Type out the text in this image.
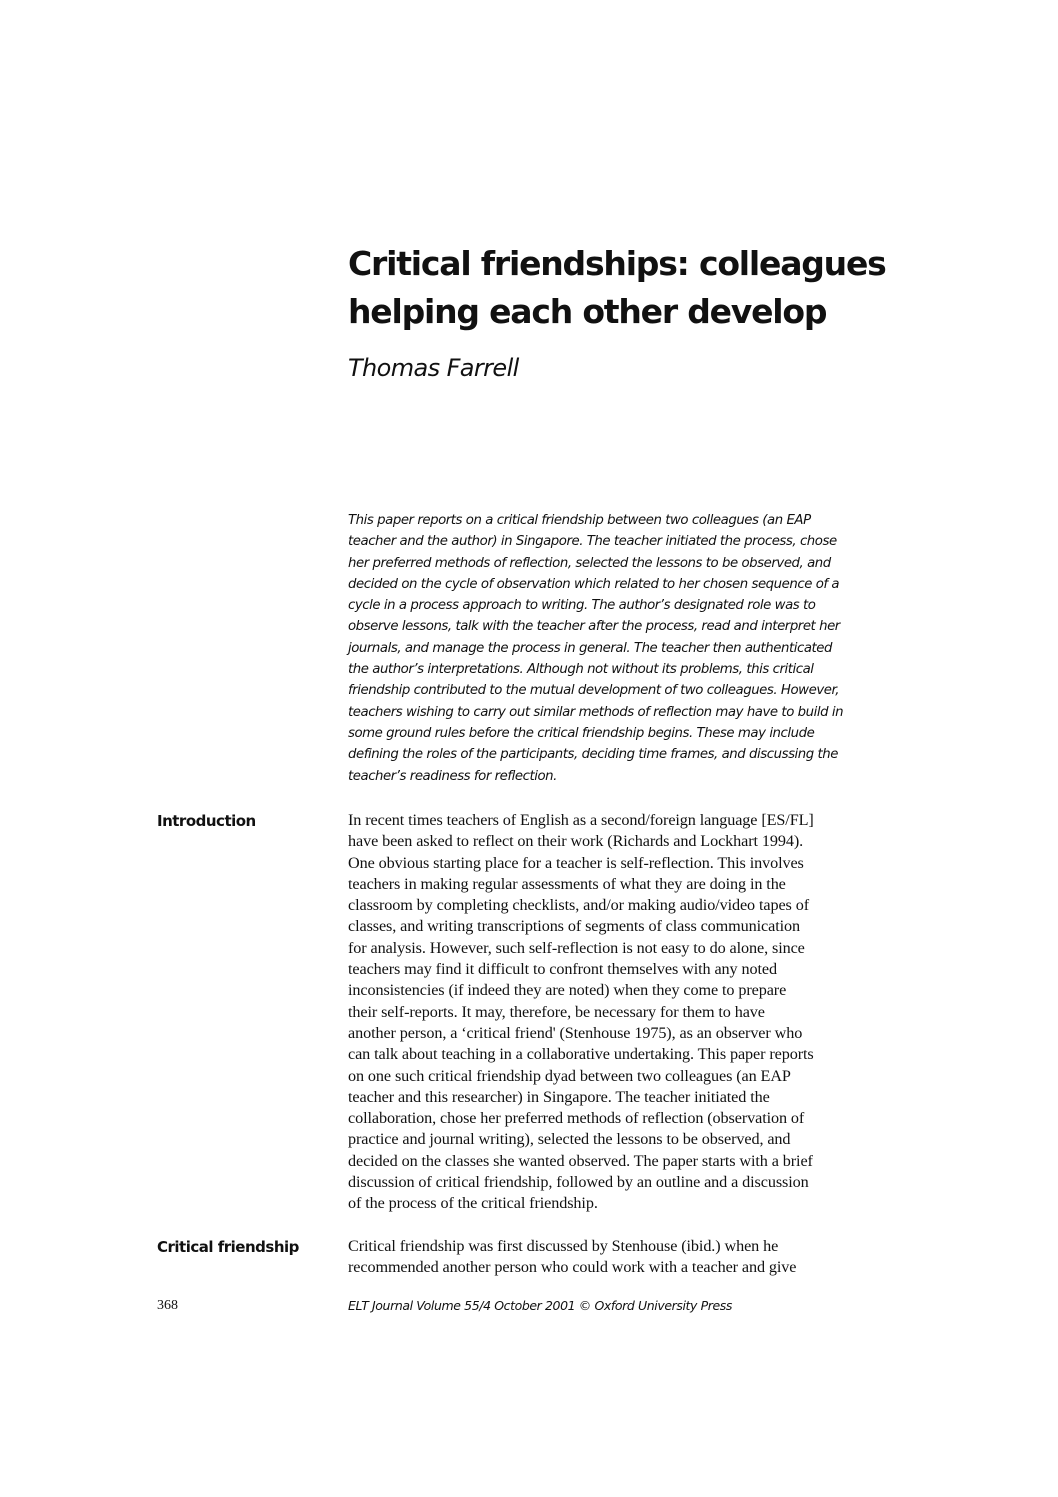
Critical friendships: colleagues
helping each other develop

Thomas Farrell

This paper reports on a critical friendship between two colleagues (an EAP
teacher and the author) in Singapore. The teacher initiated the process, chose
her preferred methods of reflection, selected the lessons to be observed, and
decided on the cycle of observation which related to her chosen sequence of a
cycle in a process approach to writing. The author’s designated role was to
observe lessons, talk with the teacher after the process, read and interpret her
journals, and manage the process in general. The teacher then authenticated
the author’s interpretations. Although not without its problems, this critical
friendship contributed to the mutual development of two colleagues. However,
teachers wishing to carry out similar methods of reflection may have to build in
some ground rules before the critical friendship begins. These may include
defining the roles of the participants, deciding time frames, and discussing the
teacher’s readiness for reflection.
Introduction	In recent times teachers of English as a second/foreign language [ES/FL]
have been asked to reflect on their work (Richards and Lockhart 1994).
One obvious starting place for a teacher is self-reflection. This involves
teachers in making regular assessments of what they are doing in the
classroom by completing checklists, and/or making audio/video tapes of
classes, and writing transcriptions of segments of class communication
for analysis. However, such self-reflection is not easy to do alone, since
teachers may find it difficult to confront themselves with any noted
inconsistencies (if indeed they are noted) when they come to prepare
their self-reports. It may, therefore, be necessary for them to have
another person, a ‘critical friend' (Stenhouse 1975), as an observer who
can talk about teaching in a collaborative undertaking. This paper reports
on one such critical friendship dyad between two colleagues (an EAP
teacher and this researcher) in Singapore. The teacher initiated the
collaboration, chose her preferred methods of reflection (observation of
practice and journal writing), selected the lessons to be observed, and
decided on the classes she wanted observed. The paper starts with a brief
discussion of critical friendship, followed by an outline and a discussion
of the process of the critical friendship.
Critical friendship	Critical friendship was first discussed by Stenhouse (ibid.) when he
recommended another person who could work with a teacher and give

368	ELT Journal Volume 55/4 October 2001 © Oxford University Press
